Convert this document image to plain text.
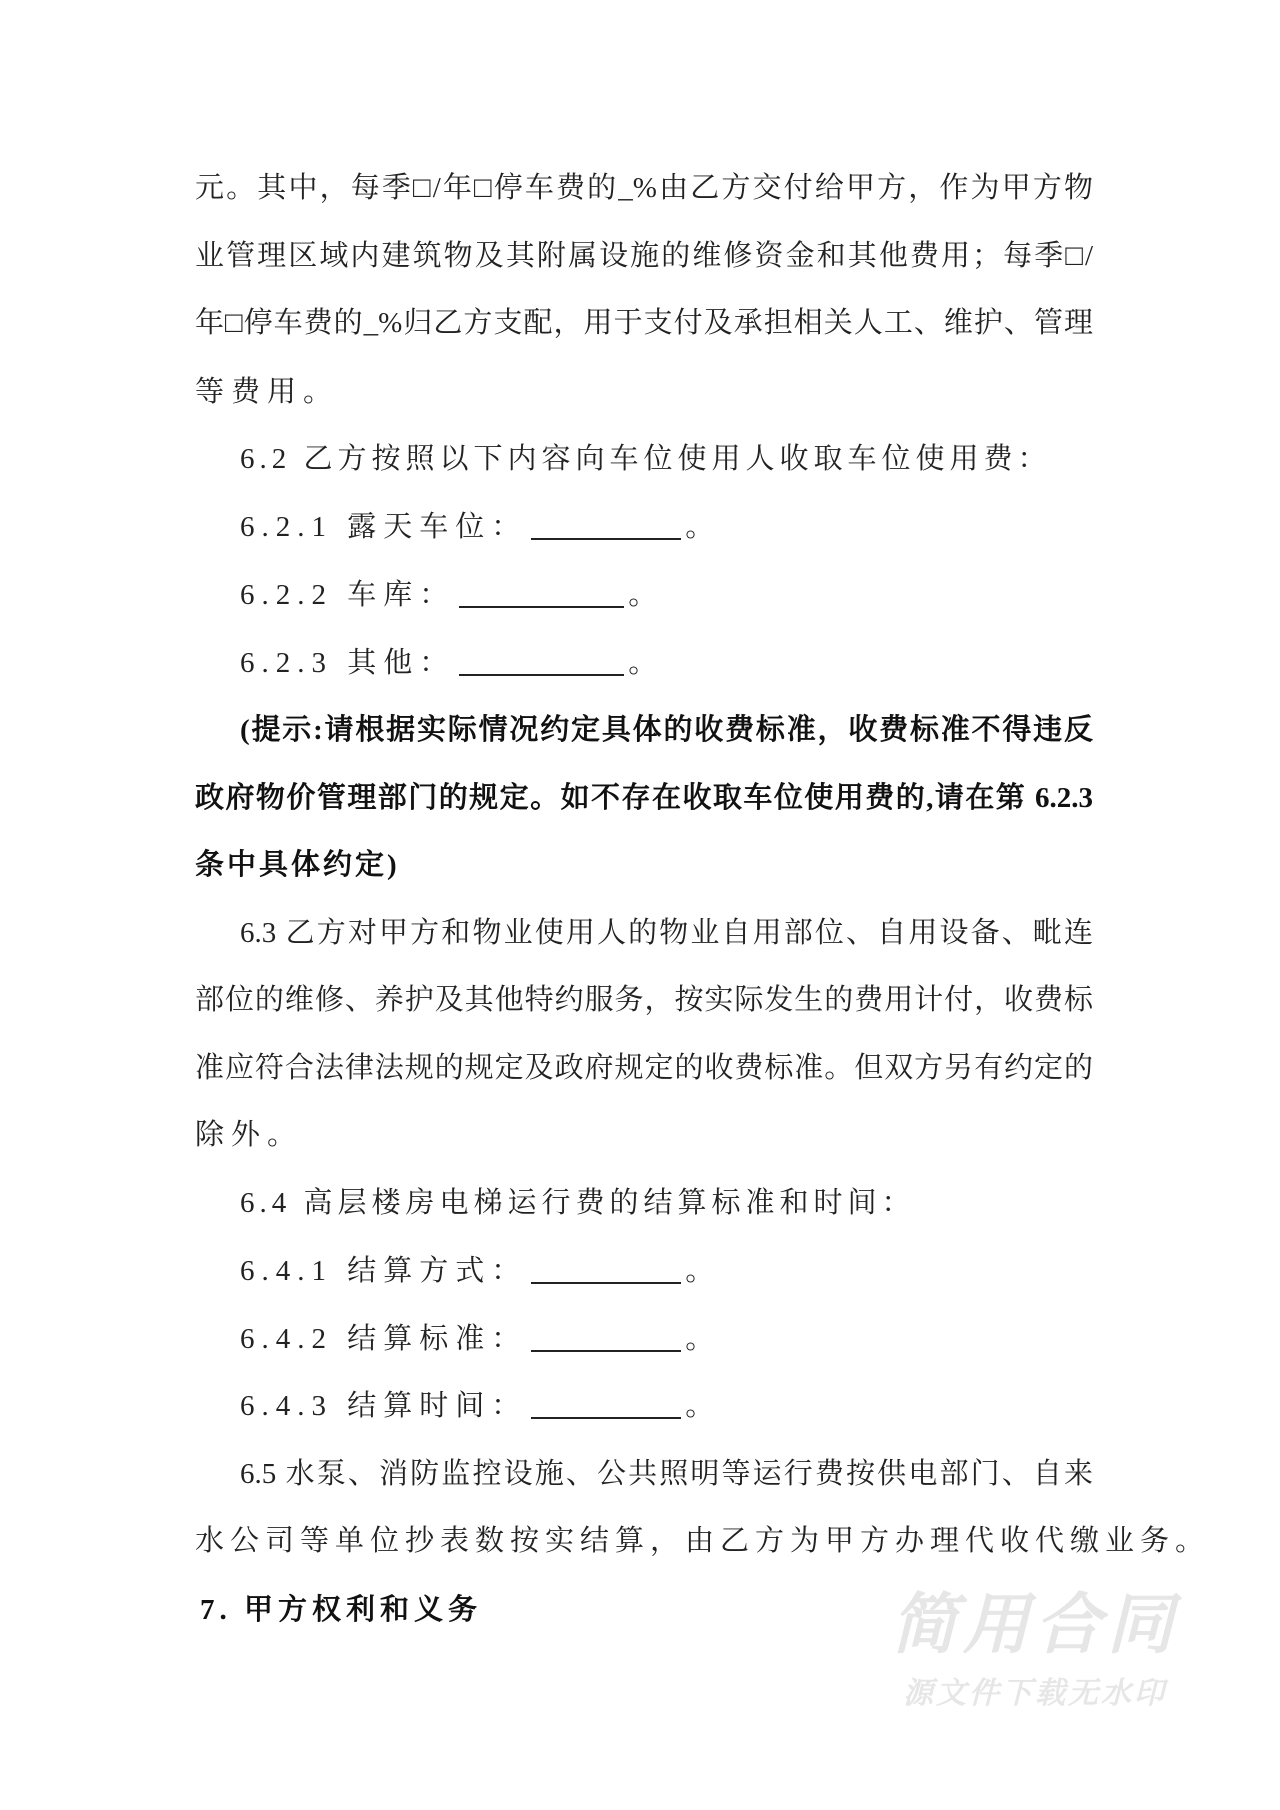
元。其中，每季□/年□停车费的_%由乙方交付给甲方，作为甲方物
业管理区域内建筑物及其附属设施的维修资金和其他费用；每季□/
年□停车费的_%归乙方支配，用于支付及承担相关人工、维护、管理
等费用。
6.2 乙方按照以下内容向车位使用人收取车位使用费：
6.2.1 露天车位：	。
6.2.2 车库：	。
6.2.3 其他：	。
(提示:请根据实际情况约定具体的收费标准，收费标准不得违反
政府物价管理部门的规定。如不存在收取车位使用费的,请在第 6.2.3
条中具体约定)
6.3 乙方对甲方和物业使用人的物业自用部位、自用设备、毗连
部位的维修、养护及其他特约服务，按实际发生的费用计付，收费标
准应符合法律法规的规定及政府规定的收费标准。但双方另有约定的
除外。
6.4 高层楼房电梯运行费的结算标准和时间：
6.4.1 结算方式：	。
6.4.2 结算标准：	。
6.4.3 结算时间：	。
6.5 水泵、消防监控设施、公共照明等运行费按供电部门、自来
水公司等单位抄表数按实结算，由乙方为甲方办理代收代缴业务。
7. 甲方权利和义务	简用合同
源文件下载无水印
